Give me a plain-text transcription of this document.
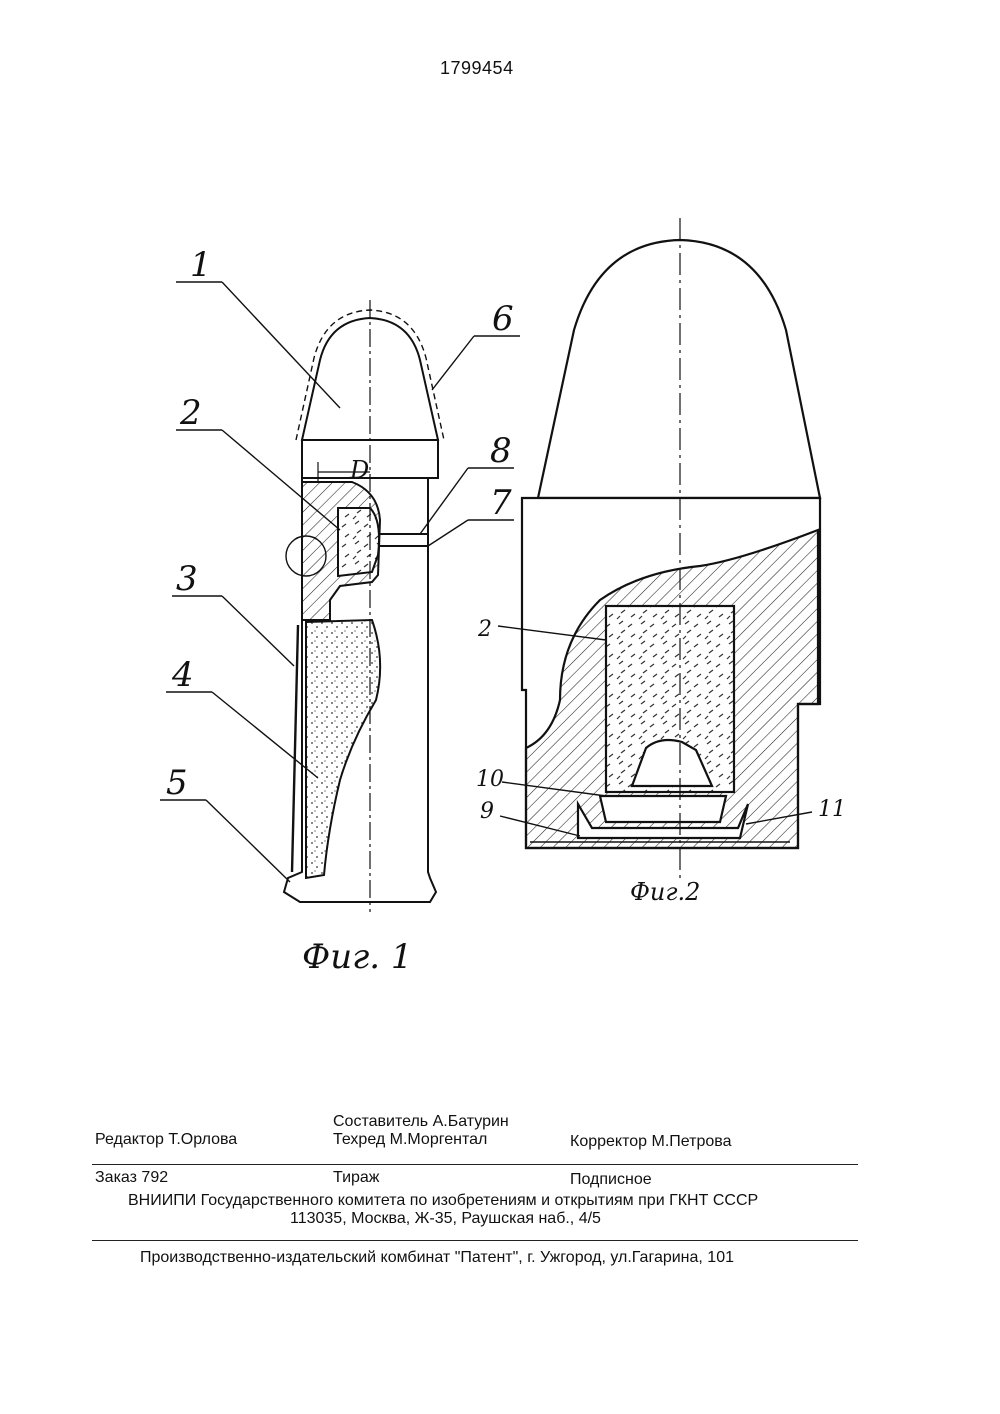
1799454
1
2
3
4
5
6
7
8
D
Фиг. 1
2
10
9	11
Фиг.2
Составитель А.Батурин
Редактор Т.Орлова	Техред М.Моргентал	Корректор М.Петрова
Заказ 792	Тираж	Подписное
ВНИИПИ Государственного комитета по изобретениям и открытиям при ГКНТ СССР
113035, Москва, Ж-35, Раушская наб., 4/5
Производственно-издательский комбинат "Патент", г. Ужгород, ул.Гагарина, 101
